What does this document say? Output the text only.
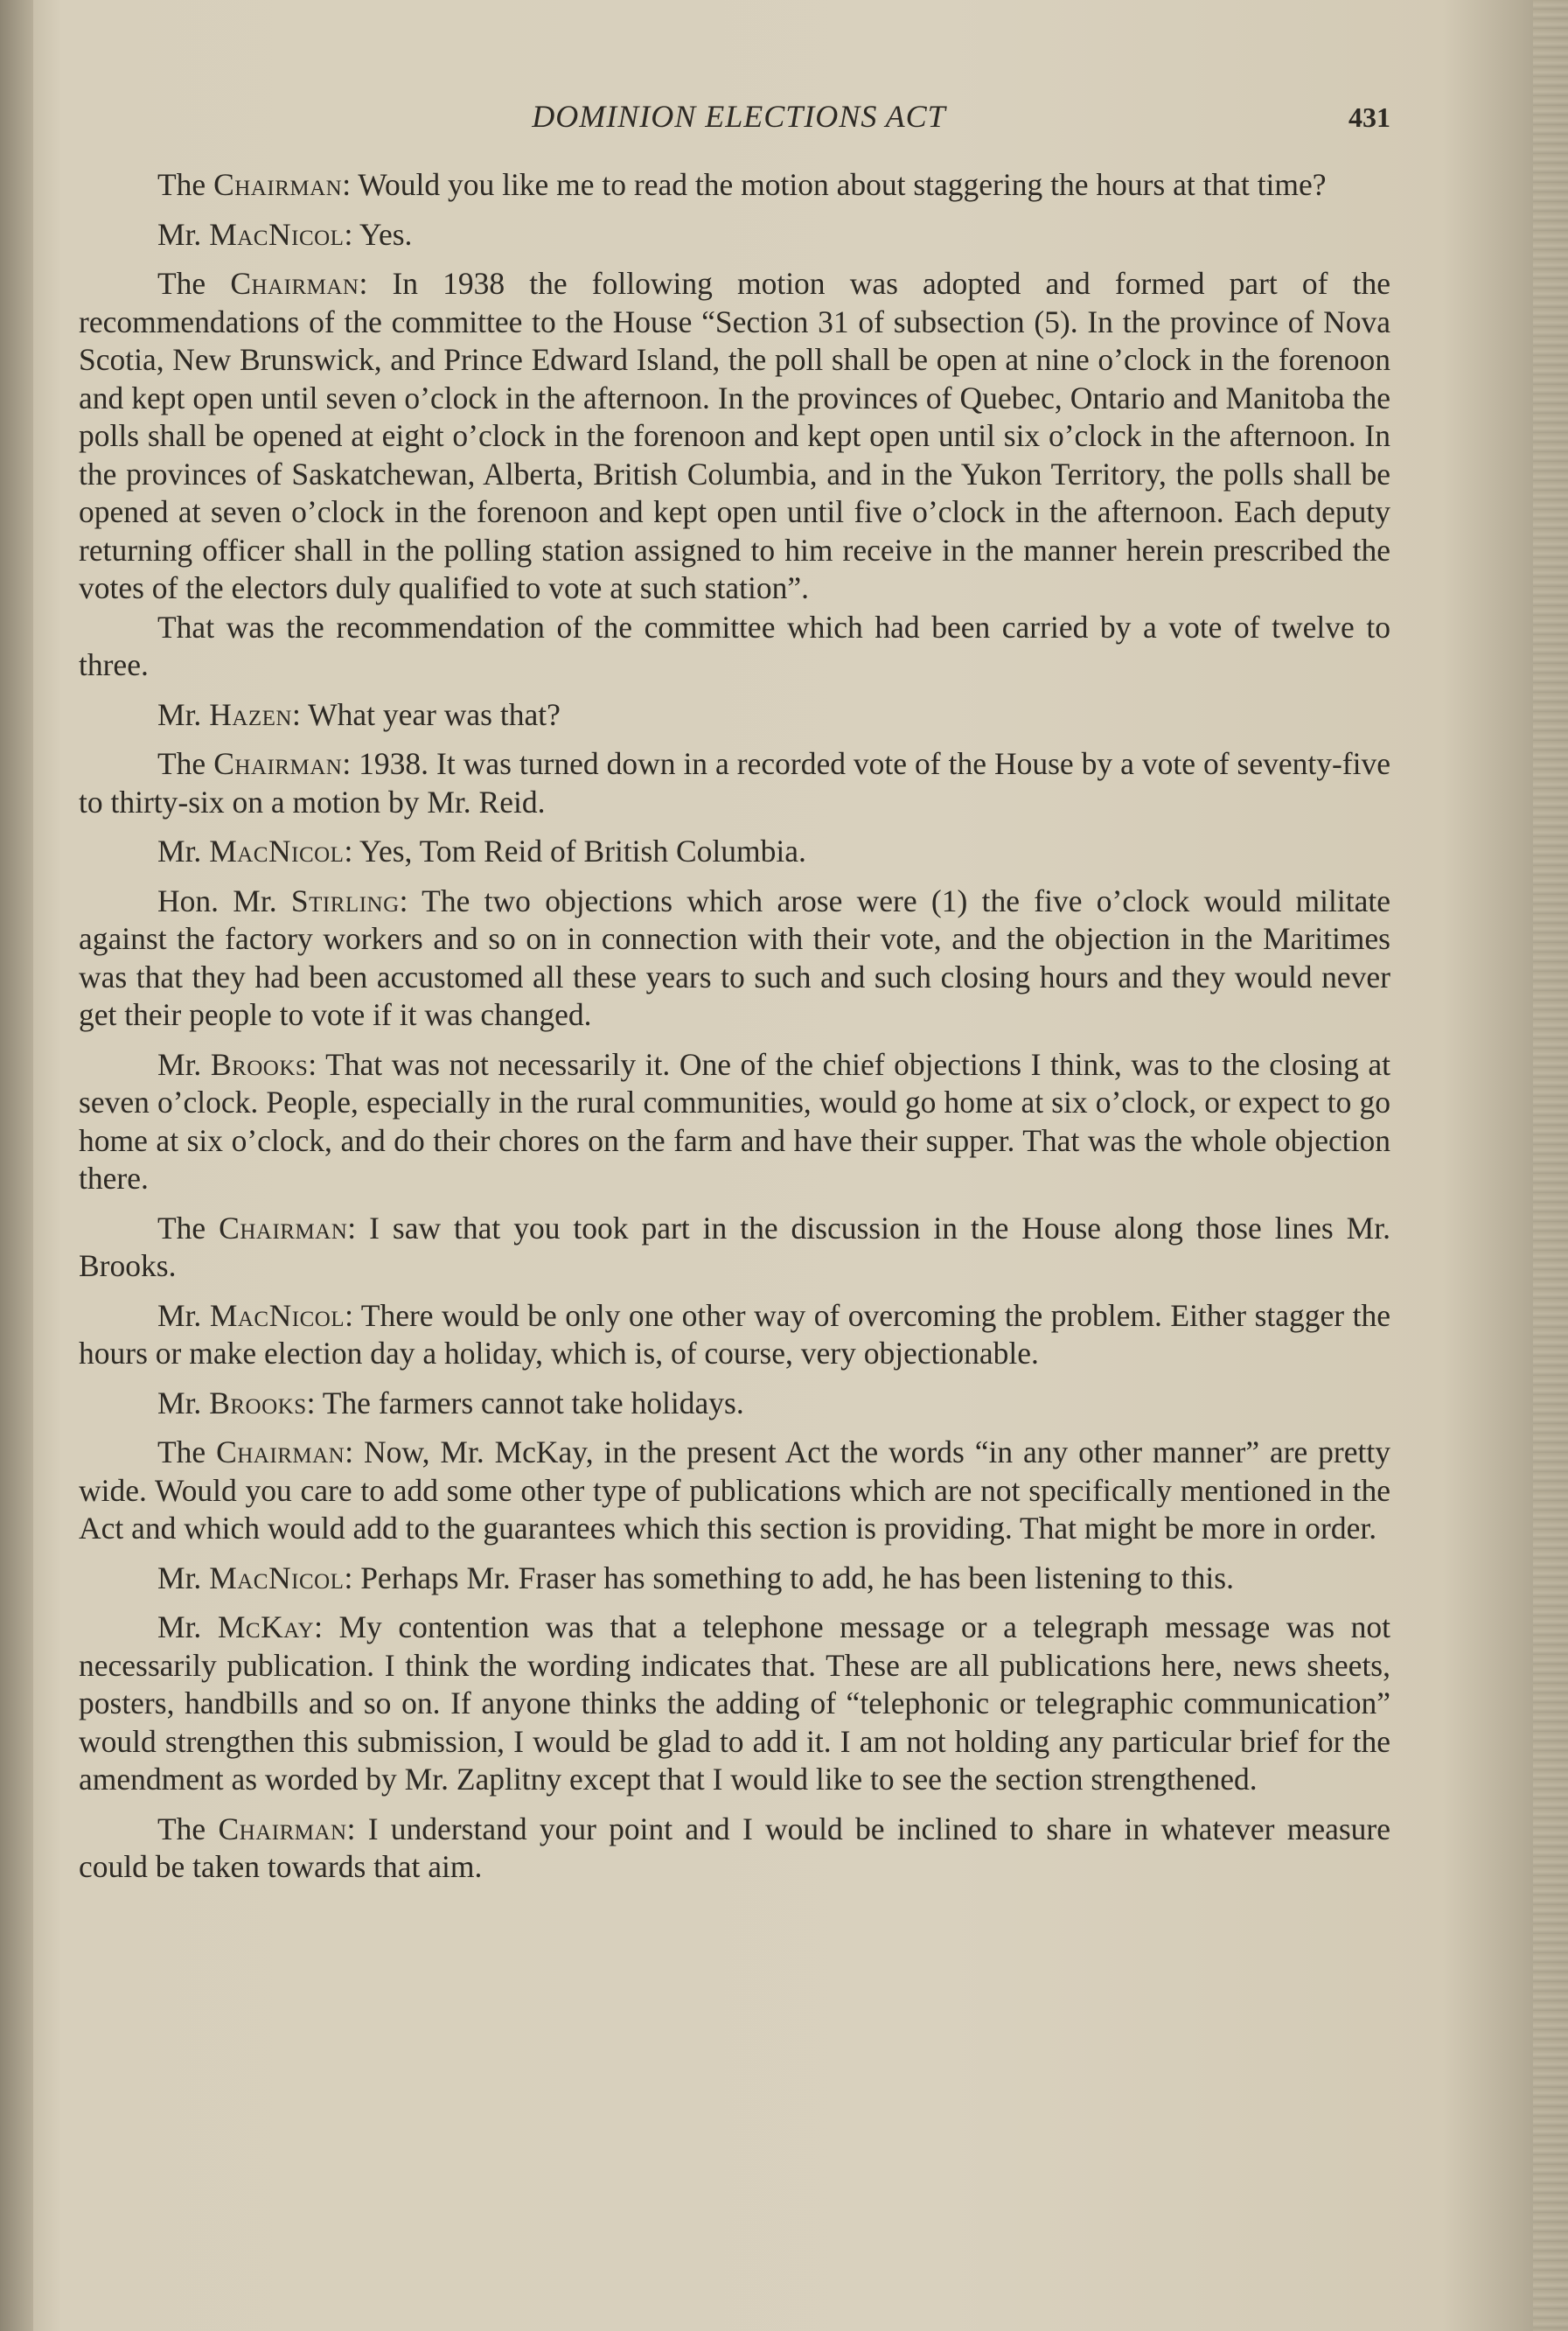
DOMINION ELECTIONS ACT	431

The Chairman: Would you like me to read the motion about staggering the hours at that time?

Mr. MacNicol: Yes.

The Chairman: In 1938 the following motion was adopted and formed part of the recommendations of the committee to the House “Section 31 of subsection (5). In the province of Nova Scotia, New Brunswick, and Prince Edward Island, the poll shall be open at nine o’clock in the forenoon and kept open until seven o’clock in the afternoon. In the provinces of Quebec, Ontario and Manitoba the polls shall be opened at eight o’clock in the forenoon and kept open until six o’clock in the afternoon. In the provinces of Saskatchewan, Alberta, British Columbia, and in the Yukon Territory, the polls shall be opened at seven o’clock in the forenoon and kept open until five o’clock in the afternoon. Each deputy returning officer shall in the polling station assigned to him receive in the manner herein prescribed the votes of the electors duly qualified to vote at such station”.

That was the recommendation of the committee which had been carried by a vote of twelve to three.

Mr. Hazen: What year was that?

The Chairman: 1938. It was turned down in a recorded vote of the House by a vote of seventy-five to thirty-six on a motion by Mr. Reid.

Mr. MacNicol: Yes, Tom Reid of British Columbia.

Hon. Mr. Stirling: The two objections which arose were (1) the five o’clock would militate against the factory workers and so on in connection with their vote, and the objection in the Maritimes was that they had been accustomed all these years to such and such closing hours and they would never get their people to vote if it was changed.

Mr. Brooks: That was not necessarily it. One of the chief objections I think, was to the closing at seven o’clock. People, especially in the rural communities, would go home at six o’clock, or expect to go home at six o’clock, and do their chores on the farm and have their supper. That was the whole objection there.

The Chairman: I saw that you took part in the discussion in the House along those lines Mr. Brooks.

Mr. MacNicol: There would be only one other way of overcoming the problem. Either stagger the hours or make election day a holiday, which is, of course, very objectionable.

Mr. Brooks: The farmers cannot take holidays.

The Chairman: Now, Mr. McKay, in the present Act the words “in any other manner” are pretty wide. Would you care to add some other type of publications which are not specifically mentioned in the Act and which would add to the guarantees which this section is providing. That might be more in order.

Mr. MacNicol: Perhaps Mr. Fraser has something to add, he has been listening to this.

Mr. McKay: My contention was that a telephone message or a telegraph message was not necessarily publication. I think the wording indicates that. These are all publications here, news sheets, posters, handbills and so on. If anyone thinks the adding of “telephonic or telegraphic communication” would strengthen this submission, I would be glad to add it. I am not holding any particular brief for the amendment as worded by Mr. Zaplitny except that I would like to see the section strengthened.

The Chairman: I understand your point and I would be inclined to share in whatever measure could be taken towards that aim.
